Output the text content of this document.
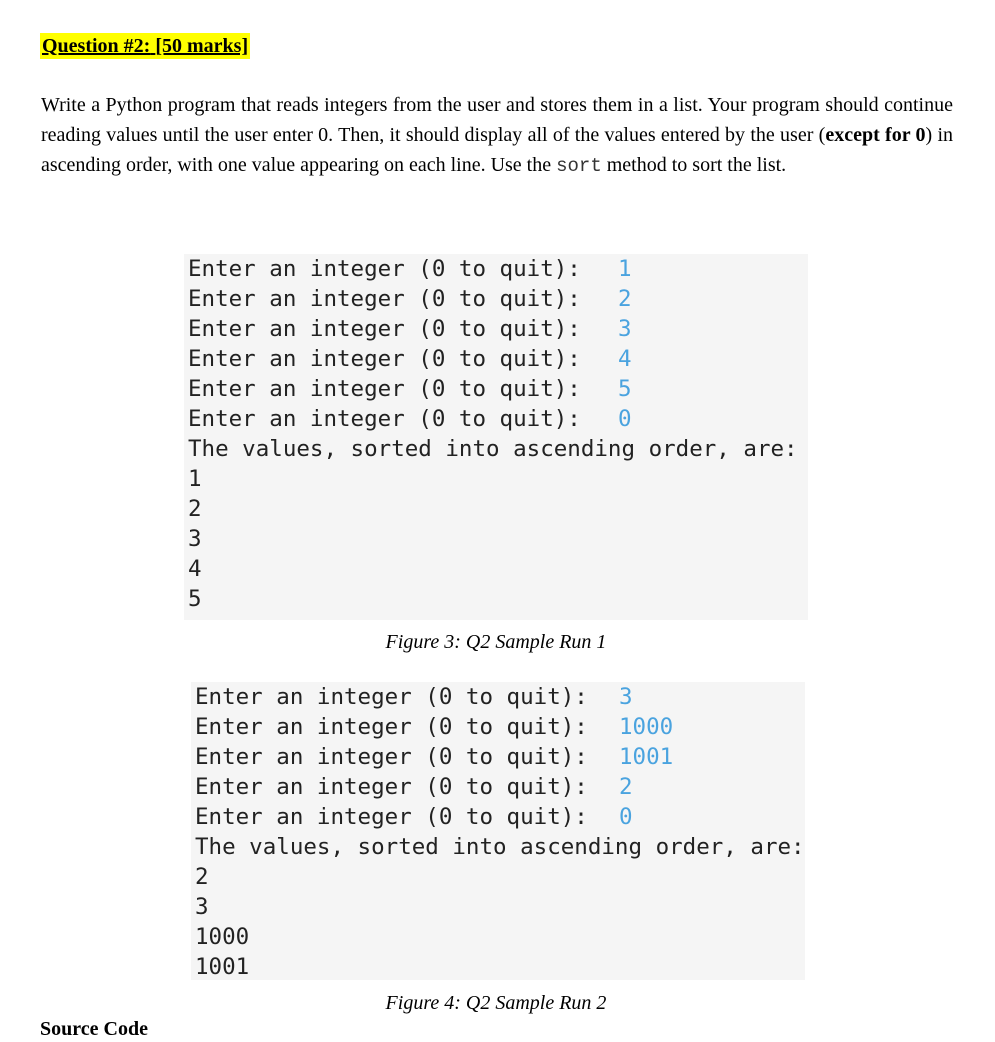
Question #2: [50 marks]

Write a Python program that reads integers from the user and stores them in a list. Your program should continue reading values until the user enter 0. Then, it should display all of the values entered by the user (except for 0) in ascending order, with one value appearing on each line. Use the sort method to sort the list.

Enter an integer (0 to quit): 1
Enter an integer (0 to quit): 2
Enter an integer (0 to quit): 3
Enter an integer (0 to quit): 4
Enter an integer (0 to quit): 5
Enter an integer (0 to quit): 0
The values, sorted into ascending order, are:
1
2
3
4
5
Figure 3: Q2 Sample Run 1
Enter an integer (0 to quit): 3
Enter an integer (0 to quit): 1000
Enter an integer (0 to quit): 1001
Enter an integer (0 to quit): 2
Enter an integer (0 to quit): 0
The values, sorted into ascending order, are:
2
3
1000
1001
Figure 4: Q2 Sample Run 2
Source Code
